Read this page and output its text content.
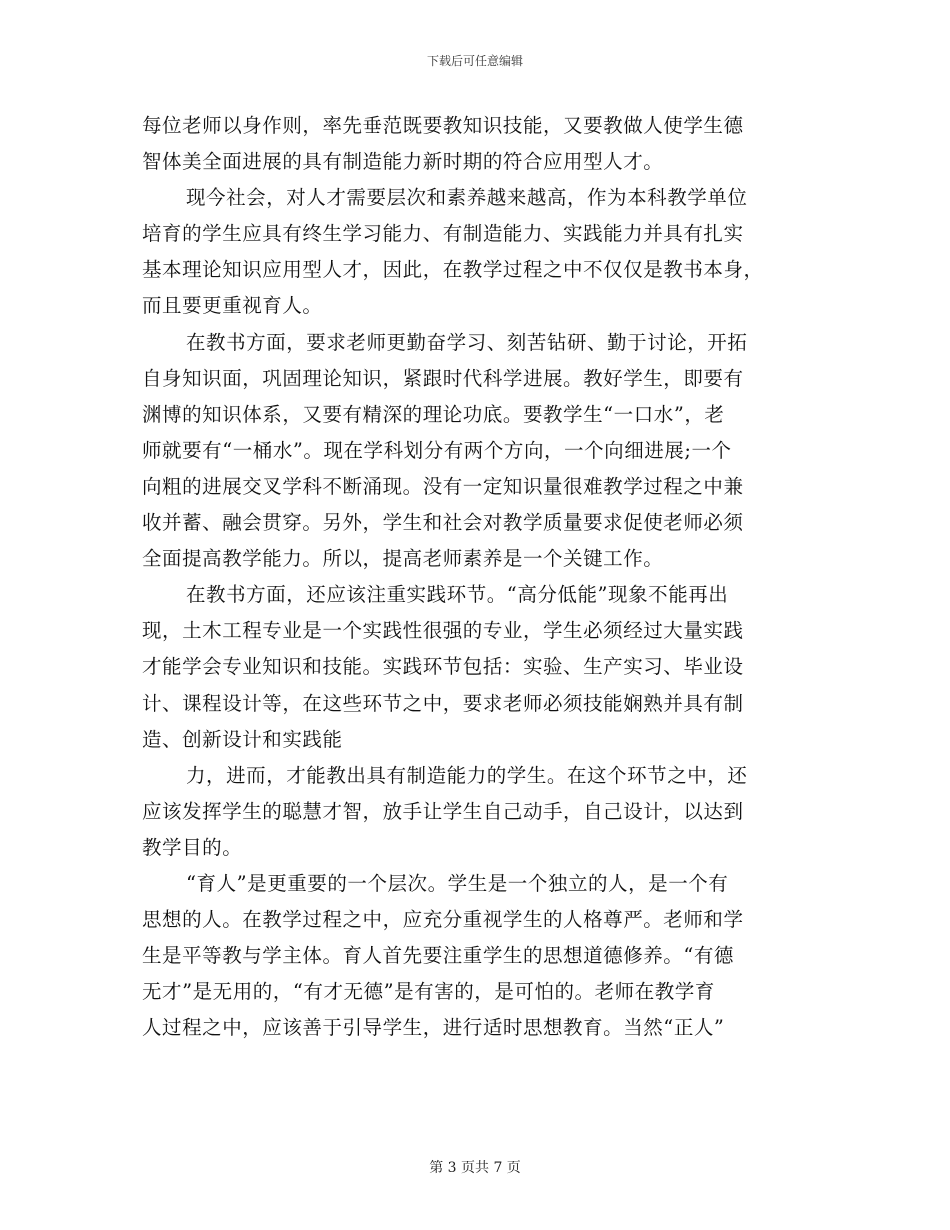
下载后可任意编辑
每位老师以身作则，率先垂范既要教知识技能，又要教做人使学生德
智体美全面进展的具有制造能力新时期的符合应用型人才。
现今社会，对人才需要层次和素养越来越高，作为本科教学单位
培育的学生应具有终生学习能力、有制造能力、实践能力并具有扎实
基本理论知识应用型人才，因此，在教学过程之中不仅仅是教书本身，
而且要更重视育人。
在教书方面，要求老师更勤奋学习、刻苦钻研、勤于讨论，开拓
自身知识面，巩固理论知识，紧跟时代科学进展。教好学生，即要有
渊博的知识体系，又要有精深的理论功底。要教学生“一口水”，老
师就要有“一桶水”。现在学科划分有两个方向，一个向细进展;一个
向粗的进展交叉学科不断涌现。没有一定知识量很难教学过程之中兼
收并蓄、融会贯穿。另外，学生和社会对教学质量要求促使老师必须
全面提高教学能力。所以，提高老师素养是一个关键工作。
在教书方面，还应该注重实践环节。“高分低能”现象不能再出
现，土木工程专业是一个实践性很强的专业，学生必须经过大量实践
才能学会专业知识和技能。实践环节包括：实验、生产实习、毕业设
计、课程设计等，在这些环节之中，要求老师必须技能娴熟并具有制
造、创新设计和实践能
力，进而，才能教出具有制造能力的学生。在这个环节之中，还
应该发挥学生的聪慧才智，放手让学生自己动手，自己设计，以达到
教学目的。
“育人”是更重要的一个层次。学生是一个独立的人，是一个有
思想的人。在教学过程之中，应充分重视学生的人格尊严。老师和学
生是平等教与学主体。育人首先要注重学生的思想道德修养。“有德
无才”是无用的，“有才无德”是有害的，是可怕的。老师在教学育
人过程之中，应该善于引导学生，进行适时思想教育。当然“正人”
第 3 页共 7 页
